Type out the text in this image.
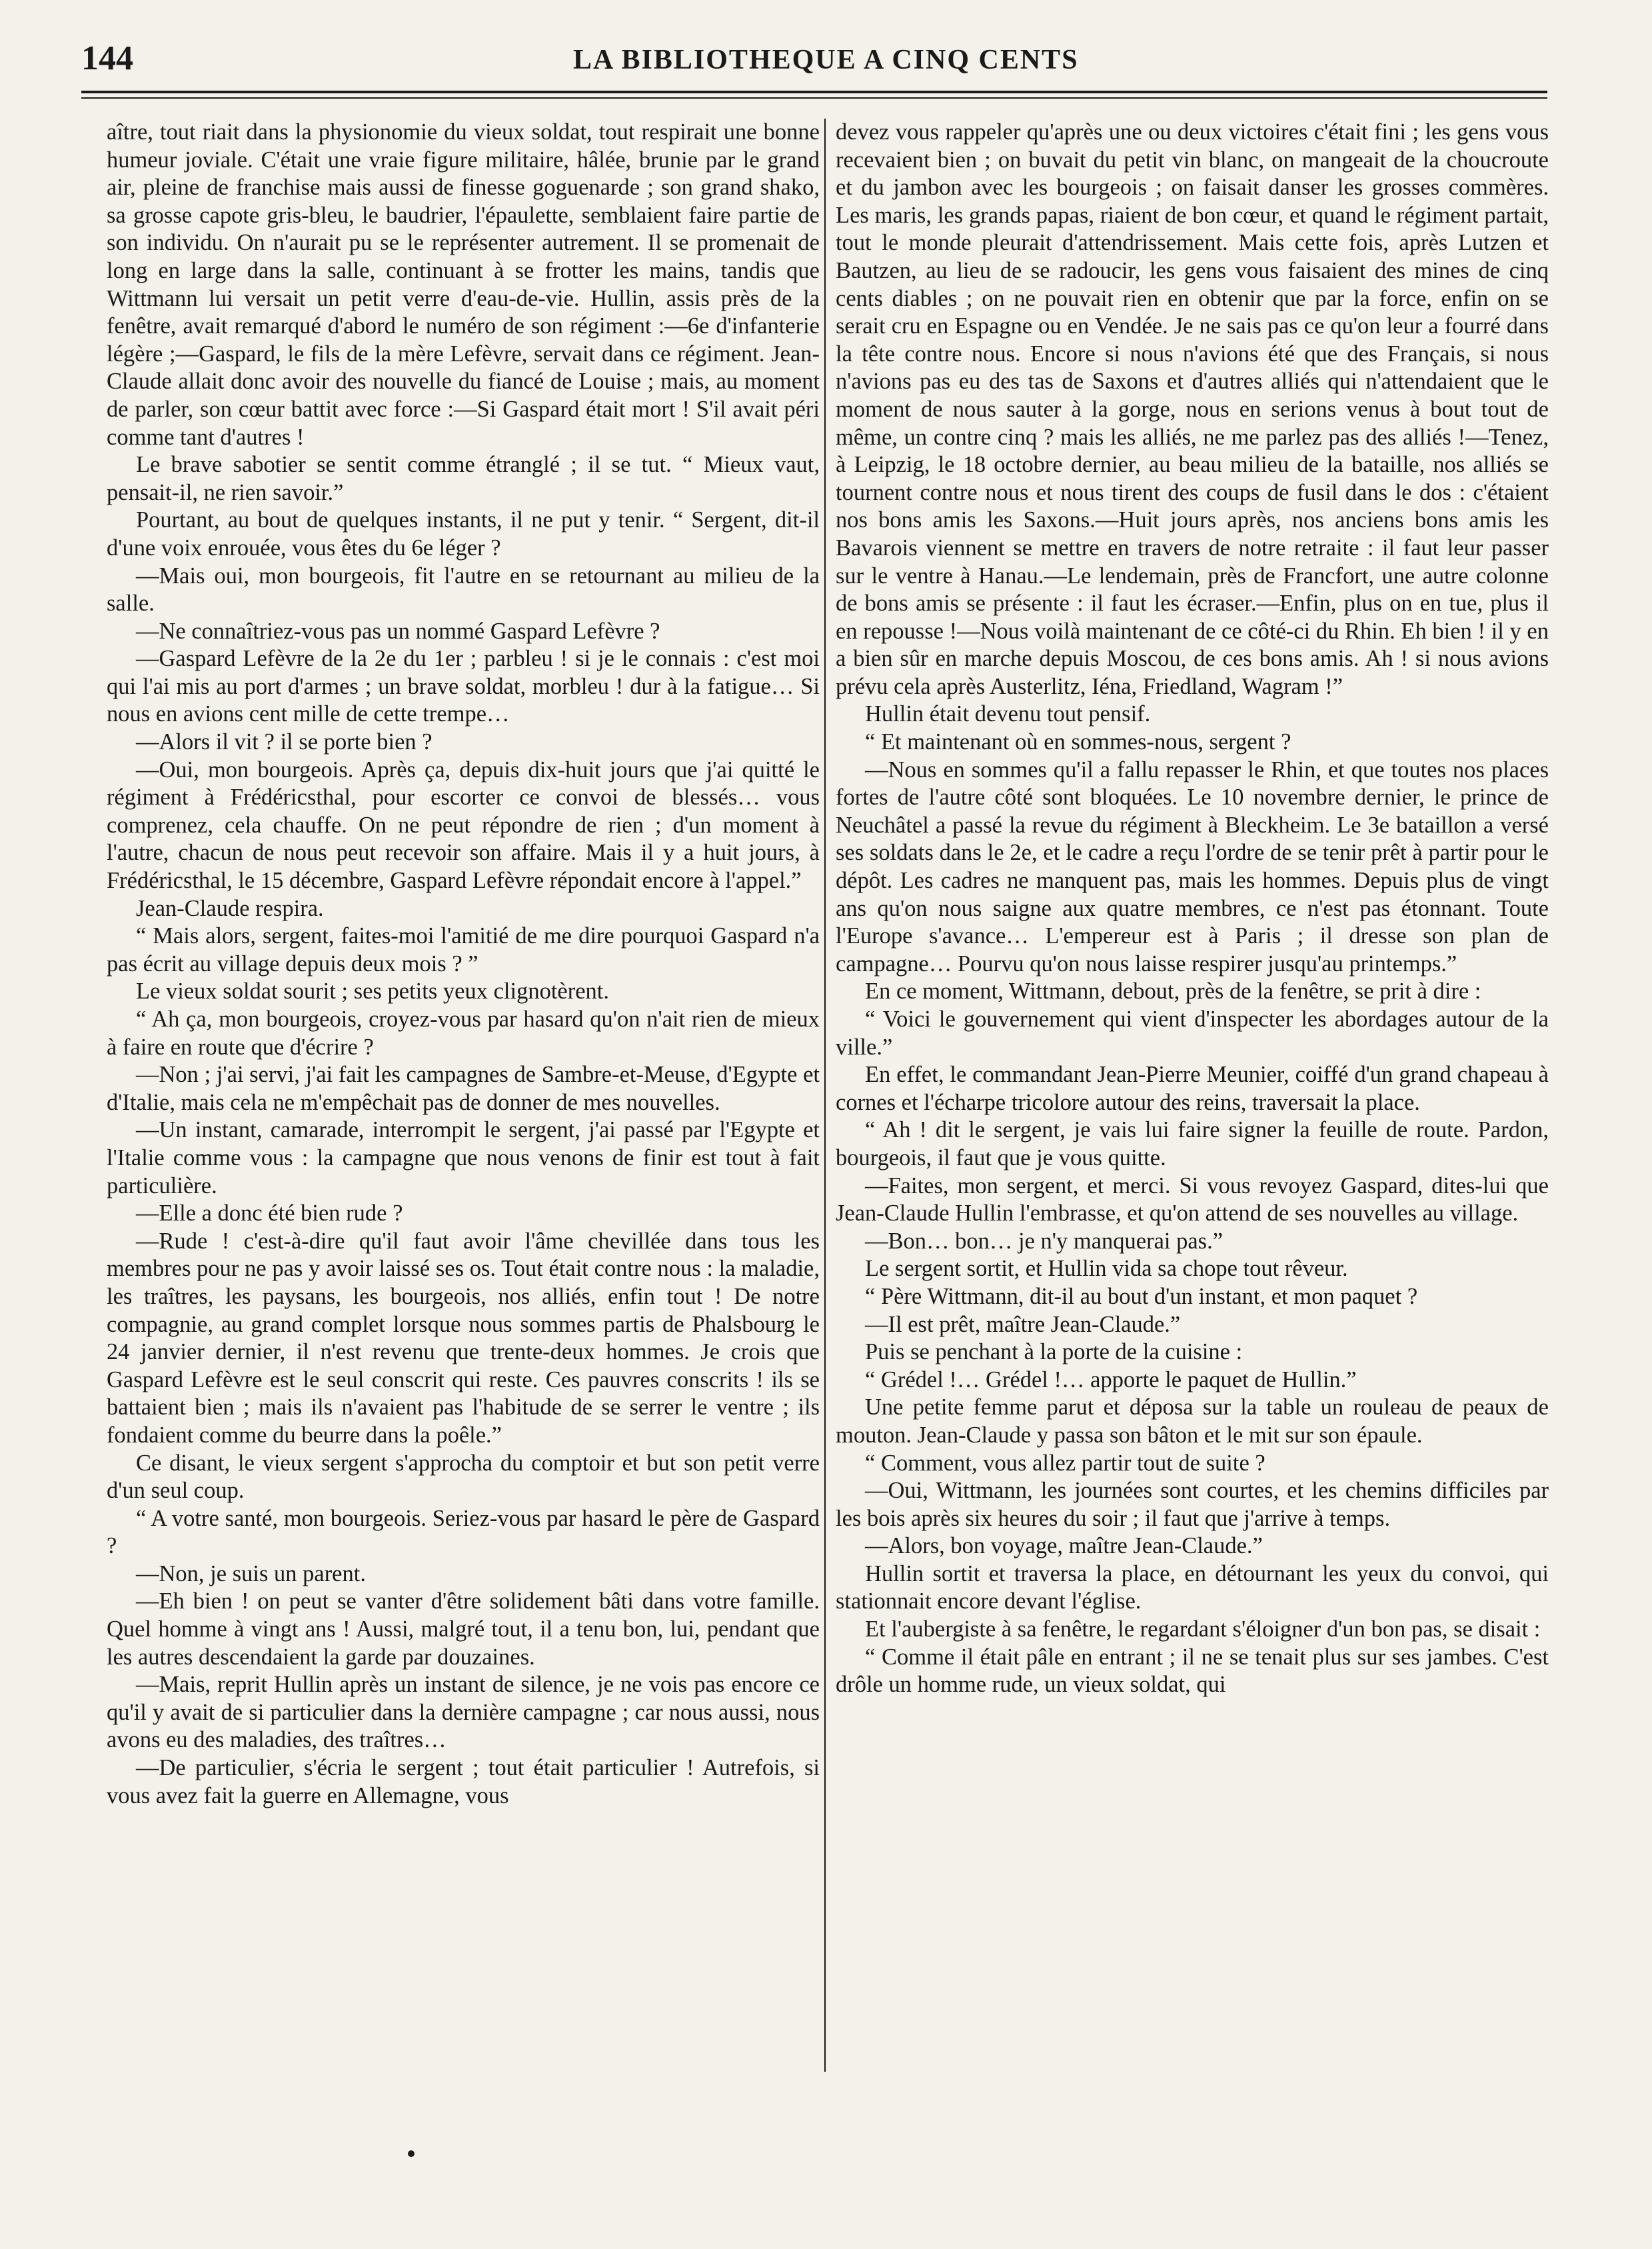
144	LA BIBLIOTHEQUE A CINQ CENTS

aître, tout riait dans la physionomie du vieux soldat, tout respirait une bonne humeur joviale. C'était une vraie figure militaire, hâlée, brunie par le grand air, pleine de franchise mais aussi de finesse goguenarde ; son grand shako, sa grosse capote gris-bleu, le baudrier, l'épaulette, semblaient faire partie de son individu. On n'aurait pu se le représenter autrement. Il se promenait de long en large dans la salle, continuant à se frotter les mains, tandis que Wittmann lui versait un petit verre d'eau-de-vie. Hullin, assis près de la fenêtre, avait remarqué d'abord le numéro de son régiment :—6e d'infanterie légère ;—Gaspard, le fils de la mère Lefèvre, servait dans ce régiment. Jean-Claude allait donc avoir des nouvelle du fiancé de Louise ; mais, au moment de parler, son cœur battit avec force :—Si Gaspard était mort ! S'il avait péri comme tant d'autres !

Le brave sabotier se sentit comme étranglé ; il se tut. “ Mieux vaut, pensait-il, ne rien savoir.”

Pourtant, au bout de quelques instants, il ne put y tenir. “ Sergent, dit-il d'une voix enrouée, vous êtes du 6e léger ?

—Mais oui, mon bourgeois, fit l'autre en se retournant au milieu de la salle.

—Ne connaîtriez-vous pas un nommé Gaspard Lefèvre ?

—Gaspard Lefèvre de la 2e du 1er ; parbleu ! si je le connais : c'est moi qui l'ai mis au port d'armes ; un brave soldat, morbleu ! dur à la fatigue… Si nous en avions cent mille de cette trempe…

—Alors il vit ? il se porte bien ?

—Oui, mon bourgeois. Après ça, depuis dix-huit jours que j'ai quitté le régiment à Frédéricsthal, pour escorter ce convoi de blessés… vous comprenez, cela chauffe. On ne peut répondre de rien ; d'un moment à l'autre, chacun de nous peut recevoir son affaire. Mais il y a huit jours, à Frédéricsthal, le 15 décembre, Gaspard Lefèvre répondait encore à l'appel.”

Jean-Claude respira.

“ Mais alors, sergent, faites-moi l'amitié de me dire pourquoi Gaspard n'a pas écrit au village depuis deux mois ? ”

Le vieux soldat sourit ; ses petits yeux clignotèrent.

“ Ah ça, mon bourgeois, croyez-vous par hasard qu'on n'ait rien de mieux à faire en route que d'écrire ?

—Non ; j'ai servi, j'ai fait les campagnes de Sambre-et-Meuse, d'Egypte et d'Italie, mais cela ne m'empêchait pas de donner de mes nouvelles.

—Un instant, camarade, interrompit le sergent, j'ai passé par l'Egypte et l'Italie comme vous : la campagne que nous venons de finir est tout à fait particulière.

—Elle a donc été bien rude ?

—Rude ! c'est-à-dire qu'il faut avoir l'âme chevillée dans tous les membres pour ne pas y avoir laissé ses os. Tout était contre nous : la maladie, les traîtres, les paysans, les bourgeois, nos alliés, enfin tout ! De notre compagnie, au grand complet lorsque nous sommes partis de Phalsbourg le 24 janvier dernier, il n'est revenu que trente-deux hommes. Je crois que Gaspard Lefèvre est le seul conscrit qui reste. Ces pauvres conscrits ! ils se battaient bien ; mais ils n'avaient pas l'habitude de se serrer le ventre ; ils fondaient comme du beurre dans la poêle.”

Ce disant, le vieux sergent s'approcha du comptoir et but son petit verre d'un seul coup.

“ A votre santé, mon bourgeois. Seriez-vous par hasard le père de Gaspard ?

—Non, je suis un parent.

—Eh bien ! on peut se vanter d'être solidement bâti dans votre famille. Quel homme à vingt ans ! Aussi, malgré tout, il a tenu bon, lui, pendant que les autres descendaient la garde par douzaines.

—Mais, reprit Hullin après un instant de silence, je ne vois pas encore ce qu'il y avait de si particulier dans la dernière campagne ; car nous aussi, nous avons eu des maladies, des traîtres…

—De particulier, s'écria le sergent ; tout était particulier ! Autrefois, si vous avez fait la guerre en Allemagne, vous

devez vous rappeler qu'après une ou deux victoires c'était fini ; les gens vous recevaient bien ; on buvait du petit vin blanc, on mangeait de la choucroute et du jambon avec les bourgeois ; on faisait danser les grosses commères. Les maris, les grands papas, riaient de bon cœur, et quand le régiment partait, tout le monde pleurait d'attendrissement. Mais cette fois, après Lutzen et Bautzen, au lieu de se radoucir, les gens vous faisaient des mines de cinq cents diables ; on ne pouvait rien en obtenir que par la force, enfin on se serait cru en Espagne ou en Vendée. Je ne sais pas ce qu'on leur a fourré dans la tête contre nous. Encore si nous n'avions été que des Français, si nous n'avions pas eu des tas de Saxons et d'autres alliés qui n'attendaient que le moment de nous sauter à la gorge, nous en serions venus à bout tout de même, un contre cinq ? mais les alliés, ne me parlez pas des alliés !—Tenez, à Leipzig, le 18 octobre dernier, au beau milieu de la bataille, nos alliés se tournent contre nous et nous tirent des coups de fusil dans le dos : c'étaient nos bons amis les Saxons.—Huit jours après, nos anciens bons amis les Bavarois viennent se mettre en travers de notre retraite : il faut leur passer sur le ventre à Hanau.—Le lendemain, près de Francfort, une autre colonne de bons amis se présente : il faut les écraser.—Enfin, plus on en tue, plus il en repousse !—Nous voilà maintenant de ce côté-ci du Rhin. Eh bien ! il y en a bien sûr en marche depuis Moscou, de ces bons amis. Ah ! si nous avions prévu cela après Austerlitz, Iéna, Friedland, Wagram !”

Hullin était devenu tout pensif.

“ Et maintenant où en sommes-nous, sergent ?

—Nous en sommes qu'il a fallu repasser le Rhin, et que toutes nos places fortes de l'autre côté sont bloquées. Le 10 novembre dernier, le prince de Neuchâtel a passé la revue du régiment à Bleckheim. Le 3e bataillon a versé ses soldats dans le 2e, et le cadre a reçu l'ordre de se tenir prêt à partir pour le dépôt. Les cadres ne manquent pas, mais les hommes. Depuis plus de vingt ans qu'on nous saigne aux quatre membres, ce n'est pas étonnant. Toute l'Europe s'avance… L'empereur est à Paris ; il dresse son plan de campagne… Pourvu qu'on nous laisse respirer jusqu'au printemps.”

En ce moment, Wittmann, debout, près de la fenêtre, se prit à dire :

“ Voici le gouvernement qui vient d'inspecter les abordages autour de la ville.”

En effet, le commandant Jean-Pierre Meunier, coiffé d'un grand chapeau à cornes et l'écharpe tricolore autour des reins, traversait la place.

“ Ah ! dit le sergent, je vais lui faire signer la feuille de route. Pardon, bourgeois, il faut que je vous quitte.

—Faites, mon sergent, et merci. Si vous revoyez Gaspard, dites-lui que Jean-Claude Hullin l'embrasse, et qu'on attend de ses nouvelles au village.

—Bon… bon… je n'y manquerai pas.”

Le sergent sortit, et Hullin vida sa chope tout rêveur.

“ Père Wittmann, dit-il au bout d'un instant, et mon paquet ?

—Il est prêt, maître Jean-Claude.”

Puis se penchant à la porte de la cuisine :

“ Grédel !… Grédel !… apporte le paquet de Hullin.”

Une petite femme parut et déposa sur la table un rouleau de peaux de mouton. Jean-Claude y passa son bâton et le mit sur son épaule.

“ Comment, vous allez partir tout de suite ?

—Oui, Wittmann, les journées sont courtes, et les chemins difficiles par les bois après six heures du soir ; il faut que j'arrive à temps.

—Alors, bon voyage, maître Jean-Claude.”

Hullin sortit et traversa la place, en détournant les yeux du convoi, qui stationnait encore devant l'église.

Et l'aubergiste à sa fenêtre, le regardant s'éloigner d'un bon pas, se disait :

“ Comme il était pâle en entrant ; il ne se tenait plus sur ses jambes. C'est drôle un homme rude, un vieux soldat, qui
